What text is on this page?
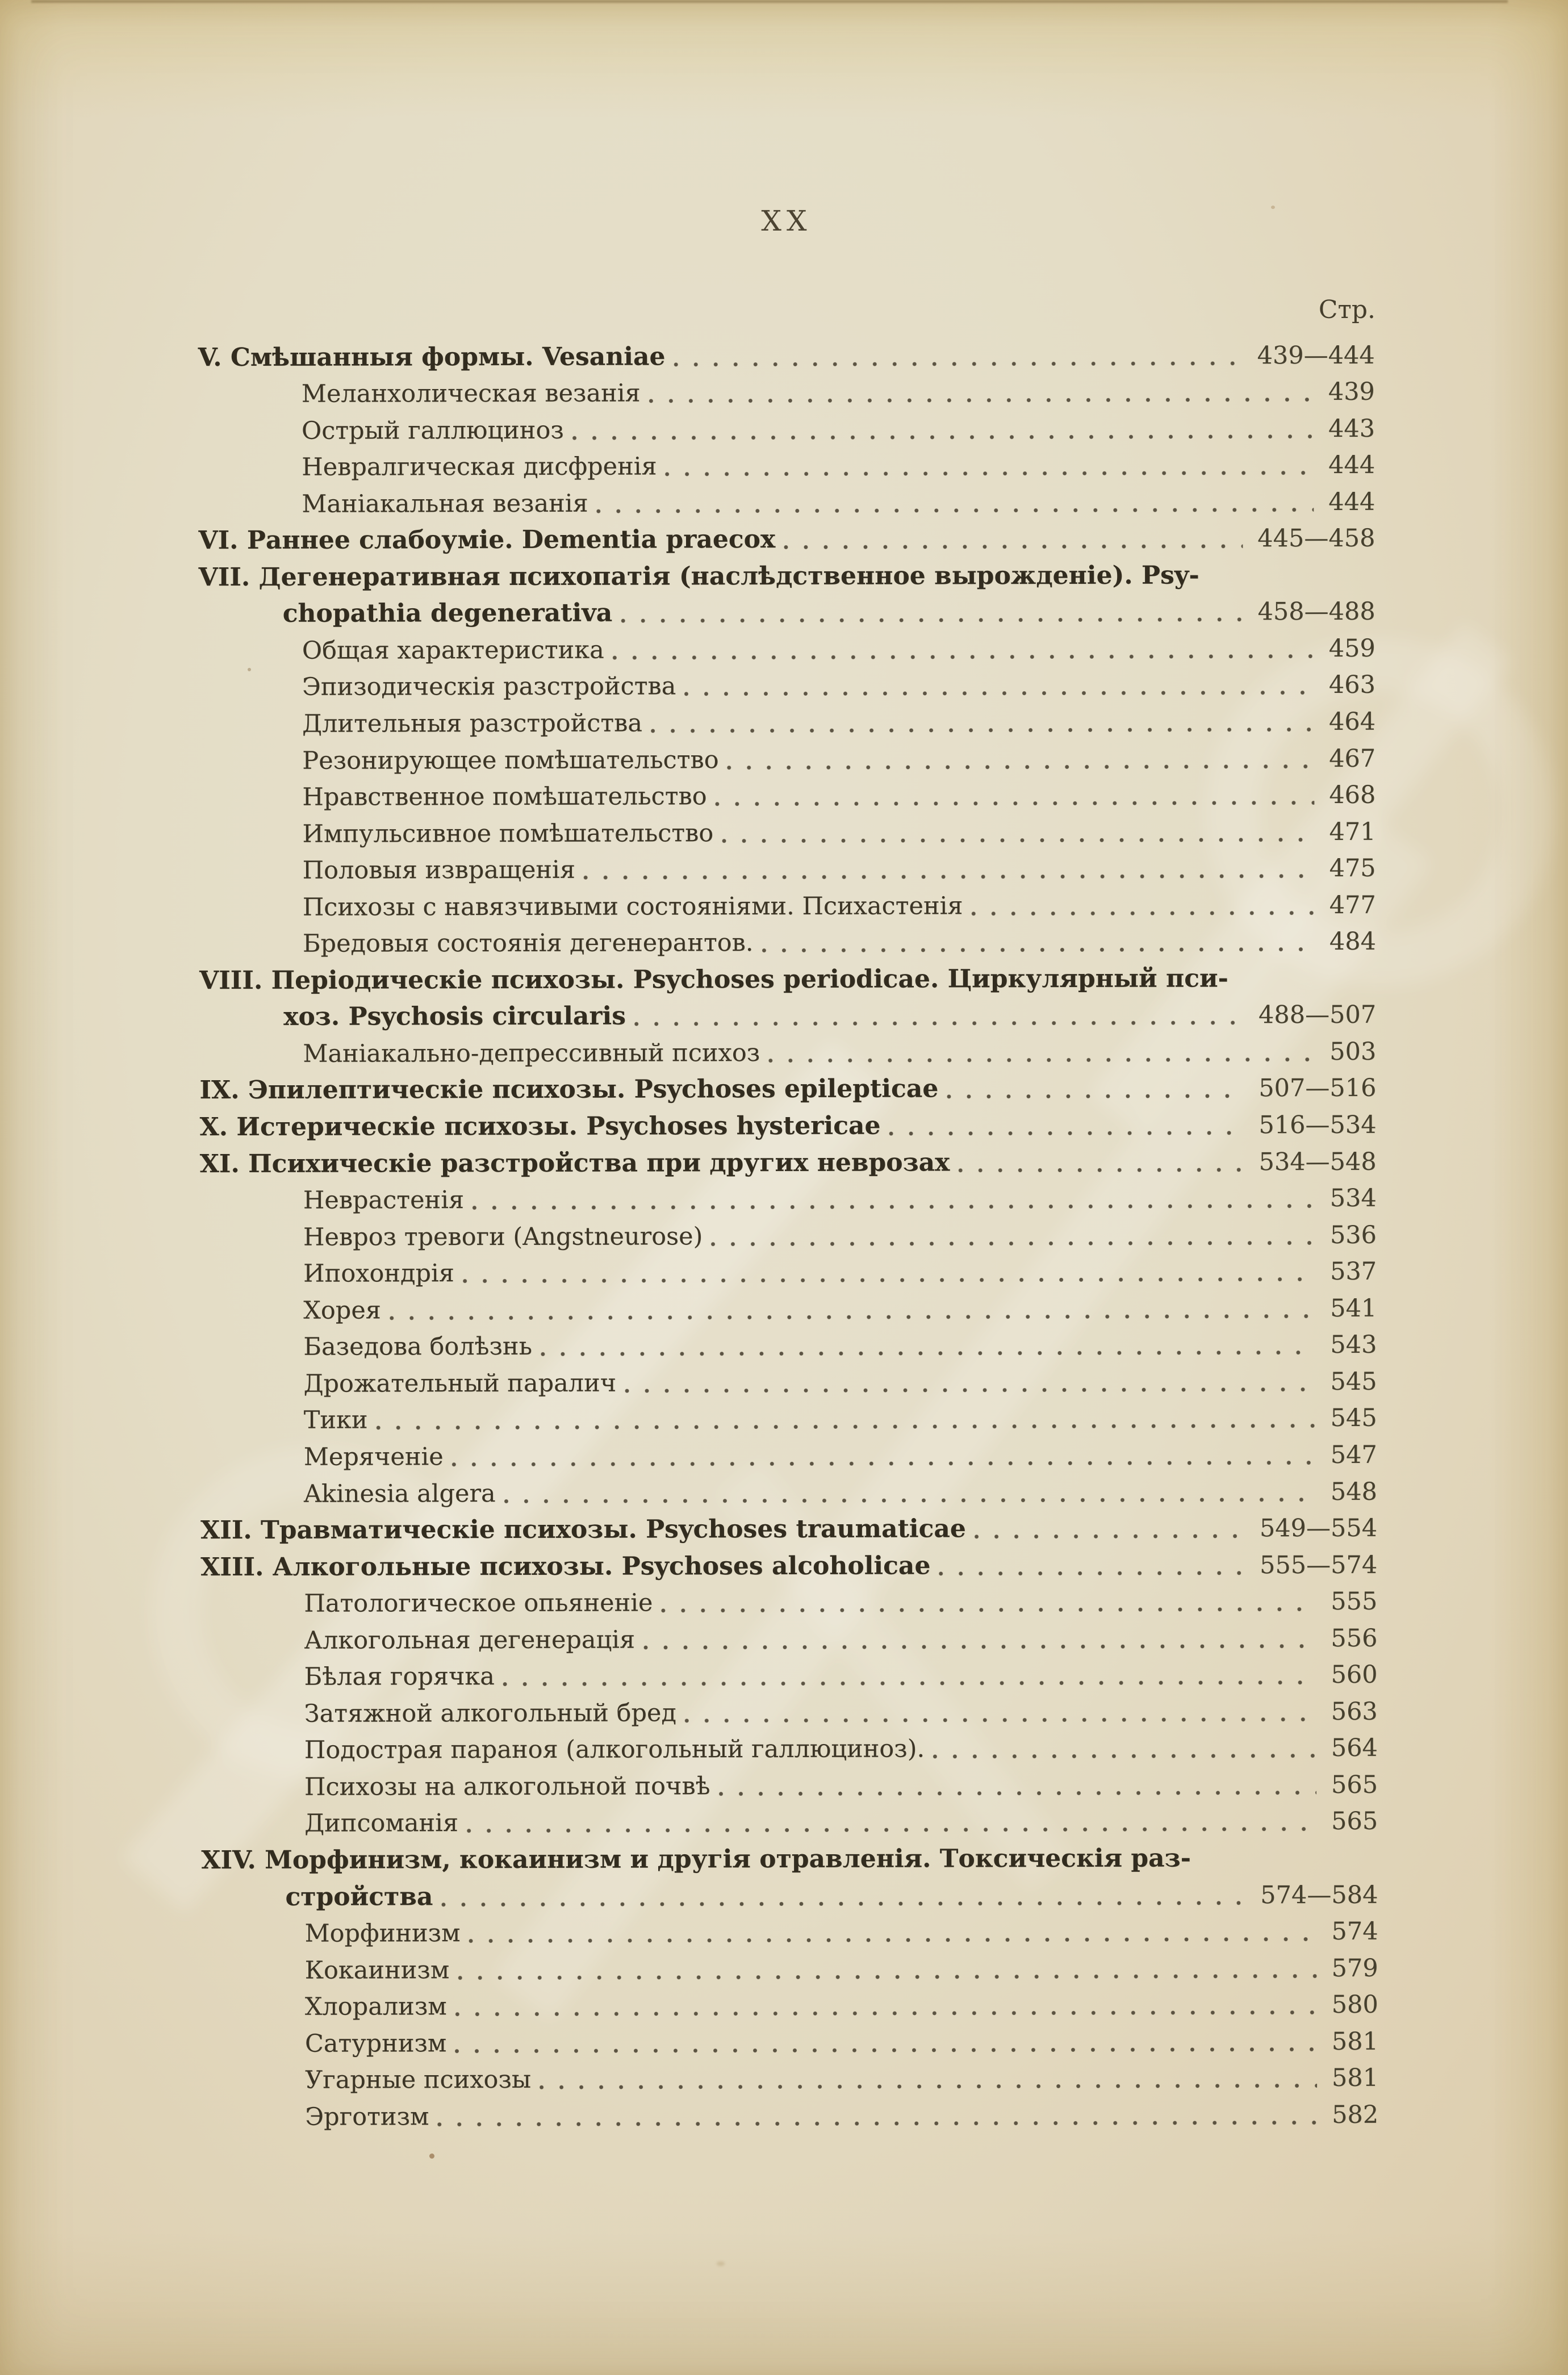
XX
Стр.
V. Смѣшанныя формы. Vesaniae	439—444
Меланхолическая везанія	439
Острый галлюциноз	443
Невралгическая дисфренія	444
Маніакальная везанія	444
VI. Раннее слабоуміе. Dementia praecox	445—458
VII. Дегенеративная психопатія (наслѣдственное вырожденіе). Psy-
chopathia degenerativa	458—488
Общая характеристика	459
Эпизодическія разстройства	463
Длительныя разстройства	464
Резонирующее помѣшательство	467
Нравственное помѣшательство	468
Импульсивное помѣшательство	471
Половыя извращенія	475
Психозы с навязчивыми состояніями. Психастенія	477
Бредовыя состоянія дегенерантов.	484
VIII. Періодическіе психозы. Psychoses periodicae. Циркулярный пси-
хоз. Psychosis circularis	488—507
Маніакально-депрессивный психоз	503
IX. Эпилептическіе психозы. Psychoses epilepticae	507—516
X. Истерическіе психозы. Psychoses hystericae	516—534
XI. Психическіе разстройства при других неврозах	534—548
Неврастенія	534
Невроз тревоги (Angstneurose)	536
Ипохондрія	537
Хорея	541
Базедова болѣзнь	543
Дрожательный паралич	545
Тики	545
Меряченіе	547
Akinesia algera	548
XII. Травматическіе психозы. Psychoses traumaticae	549—554
XIII. Алкогольные психозы. Psychoses alcoholicae	555—574
Патологическое опьяненіе	555
Алкогольная дегенерація	556
Бѣлая горячка	560
Затяжной алкогольный бред	563
Подострая параноя (алкогольный галлюциноз).	564
Психозы на алкогольной почвѣ	565
Дипсоманія	565
XIV. Морфинизм, кокаинизм и другія отравленія. Токсическія раз-
стройства	574—584
Морфинизм	574
Кокаинизм	579
Хлорализм	580
Сатурнизм	581
Угарные психозы	581
Эрготизм	582
